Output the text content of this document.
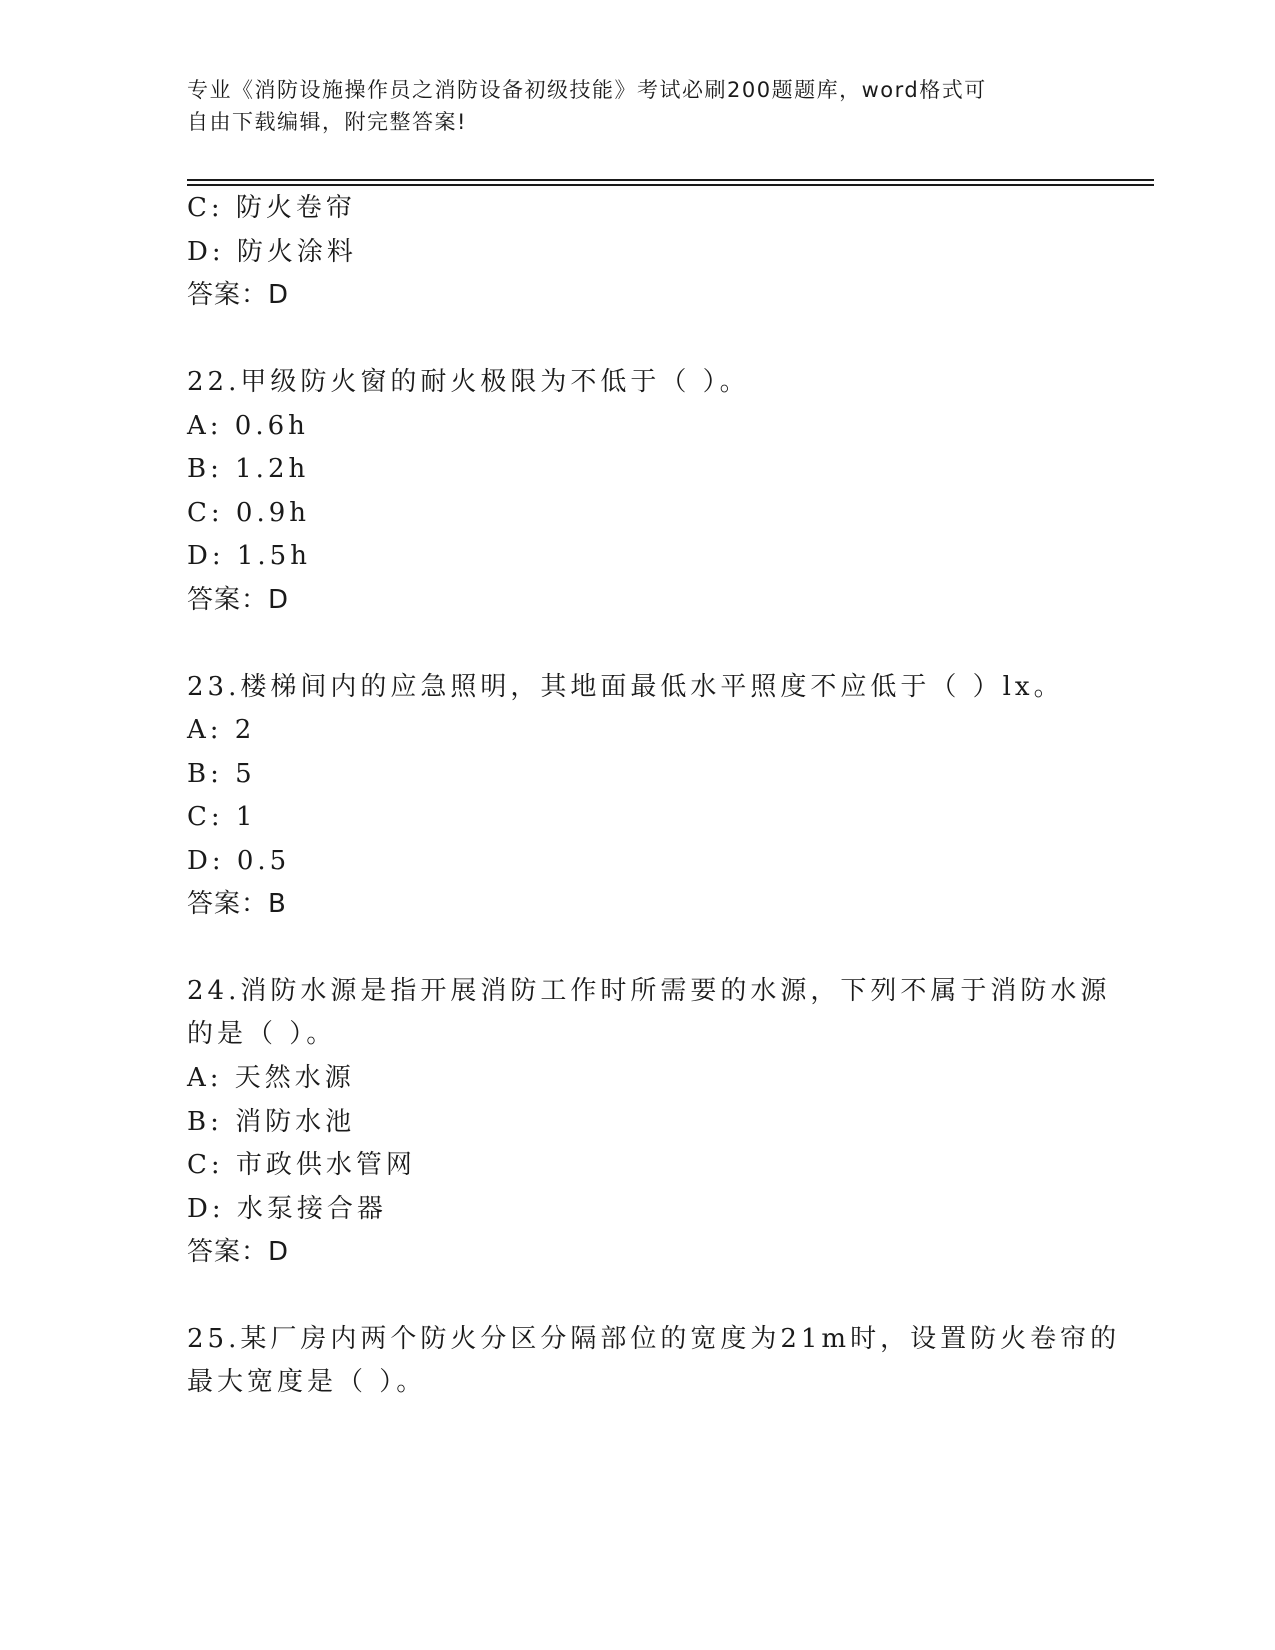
专业《消防设施操作员之消防设备初级技能》考试必刷200题题库，word格式可
自由下载编辑，附完整答案!
C: 防火卷帘
D: 防火涂料
答案：D
22.甲级防火窗的耐火极限为不低于（ ）。
A: 0.6h
B: 1.2h
C: 0.9h
D: 1.5h
答案：D
23.楼梯间内的应急照明，其地面最低水平照度不应低于（ ）lx。
A: 2
B: 5
C: 1
D: 0.5
答案：B
24.消防水源是指开展消防工作时所需要的水源，下列不属于消防水源
的是（ ）。
A: 天然水源
B: 消防水池
C: 市政供水管网
D: 水泵接合器
答案：D
25.某厂房内两个防火分区分隔部位的宽度为21m时，设置防火卷帘的
最大宽度是（ ）。
